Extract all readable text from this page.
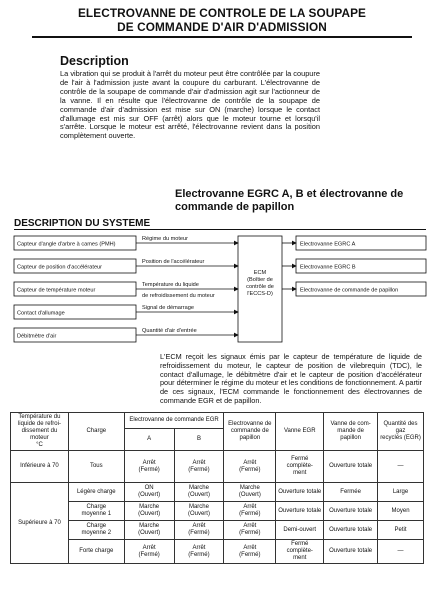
ELECTROVANNE DE CONTROLE DE LA SOUPAPE
DE COMMANDE D'AIR D'ADMISSION
Description
La vibration qui se produit à l'arrêt du moteur peut être contrôlée par la coupure de l'air à l'admission juste avant la coupure du carburant. L'électrovanne de contrôle de la soupape de commande d'air d'admission agit sur l'actionneur de la vanne. Il en résulte que l'électrovanne de contrôle de la soupape de commande d'air d'admission est mise sur ON (marche) lorsque le contact d'allumage est mis sur OFF (arrêt) alors que le moteur tourne et lorsqu'il s'arrête. Lorsque le moteur est arrêté, l'électrovanne revient dans la position complètement ouverte.
Electrovanne EGRC A, B et électrovanne de
commande de papillon
DESCRIPTION DU SYSTEME
Capteur d'angle d'arbre à cames (PMH)
Capteur de position d'accélérateur
Capteur de température moteur
Contact d'allumage
Débitmètre d'air
Régime du moteur
Position de l'accélérateur
Température du liquide
de refroidissement du moteur
Signal de démarrage
Quantité d'air d'entrée
ECM
(Boîtier de
contrôle de
l'ECCS-D)
Electrovanne EGRC A
Electrovanne EGRC B
Electrovanne de commande de papillon
L'ECM reçoit les signaux émis par le capteur de température de liquide de refroidissement du moteur, le capteur de position de vilebrequin (TDC), le contact d'allumage, le débitmètre d'air et le capteur de position d'accélérateur pour déterminer le régime du moteur et les conditions de fonctionnement. A partir de ces signaux, l'ECM commande le fonctionnement des électrovannes de commande EGR et de papillon.
Température du
liquide de refroi-
dissement du
moteur
°C	Charge	Electrovanne de commande EGR		Electrovanne de
commande de
papillon	Vanne EGR	Vanne de com-
mande de
papillon	Quantité des gaz
recyclés (EGR)
		A	B				
Inférieure à 70	Tous	Arrêt
(Fermé)	Arrêt
(Fermé)	Arrêt
(Fermé)	Fermé complète-
ment	Ouverture totale	—
Supérieure à 70	Légère charge	ON
(Ouvert)	Marche
(Ouvert)	Marche
(Ouvert)	Ouverture totale	Fermée	Large
	Charge
moyenne 1	Marche
(Ouvert)	Marche
(Ouvert)	Arrêt
(Fermé)	Ouverture totale	Ouverture totale	Moyen
	Charge
moyenne 2	Marche
(Ouvert)	Arrêt
(Fermé)	Arrêt
(Fermé)	Demi-ouvert	Ouverture totale	Petit
	Forte charge	Arrêt
(Fermé)	Arrêt
(Fermé)	Arrêt
(Fermé)	Fermé complète-
ment	Ouverture totale	—
